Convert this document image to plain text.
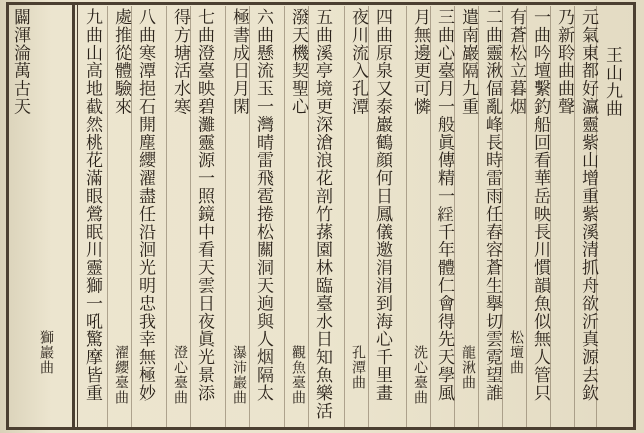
王山九曲
元氣東都好瀛靈紫山增重紫溪清抓舟欲沂真源去欽
乃新聆曲曲聲
一曲吟壇繫釣船回看華岳映長川慣韻魚似無人管只
有蒼松立暮烟
二曲靈湫偪亂峰長時雷雨任舂容蒼生擧切雲霓望誰
遣南巖隔九重
三曲心臺月一般眞傳精一𦁍千年體仁會得先天學風
月無邊更可憐
四曲原泉又泰巖鶴顔何日鳳儀邀涓涓到海心千里畫
夜川流入孔潭
五曲溪亭境更深滄浪花剖竹蓀園林臨臺水日知魚樂活
潑天機契聖心
六曲懸流玉一灣晴雷飛雹捲松關洞天逈與人烟隔太
極書成日月閑
七曲澄臺映碧灘靈源一照鏡中看天雲日夜眞光景添
得方塘活水寒
八曲寒潭挹石開塵纓濯盡任沿洄光明忠我幸無極妙
處推從體驗來
九曲山高地截然桃花滿眼鶯眠川靈獅一吼驚摩皆重
闢渾淪萬古天
松壇曲
龍湫曲
洗心臺曲
孔潭曲
觀魚臺曲
瀑沛巖曲
澄心臺曲
濯纓臺曲
獅巖曲
